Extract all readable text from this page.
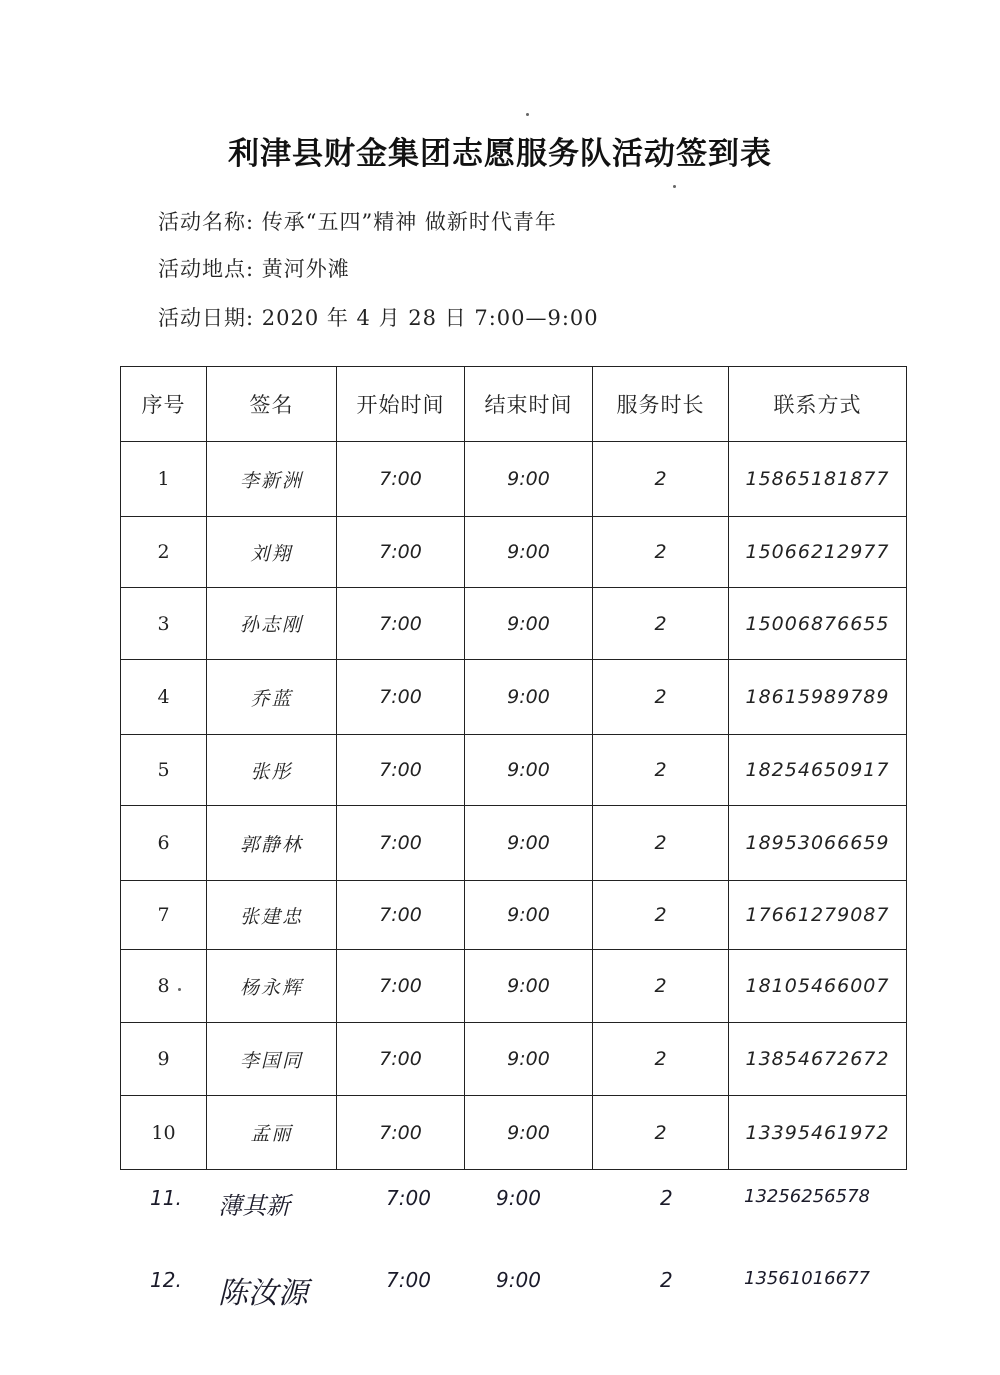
利津县财金集团志愿服务队活动签到表
活动名称: 传承“五四”精神 做新时代青年
活动地点: 黄河外滩
活动日期: 2020 年 4 月 28 日 7:00—9:00
序号	签名	开始时间	结束时间	服务时长	联系方式
1	李新洲	7:00	9:00	2	15865181877
2	刘翔	7:00	9:00	2	15066212977
3	孙志刚	7:00	9:00	2	15006876655
4	乔蓝	7:00	9:00	2	18615989789
5	张彤	7:00	9:00	2	18254650917
6	郭静林	7:00	9:00	2	18953066659
7	张建忠	7:00	9:00	2	17661279087
8	杨永辉	7:00	9:00	2	18105466007
9	李国同	7:00	9:00	2	13854672672
10	孟丽	7:00	9:00	2	13395461972
11. 薄其新	7:00	9:00	2	13256256578
12. 陈汝源	7:00	9:00	2	13561016677
